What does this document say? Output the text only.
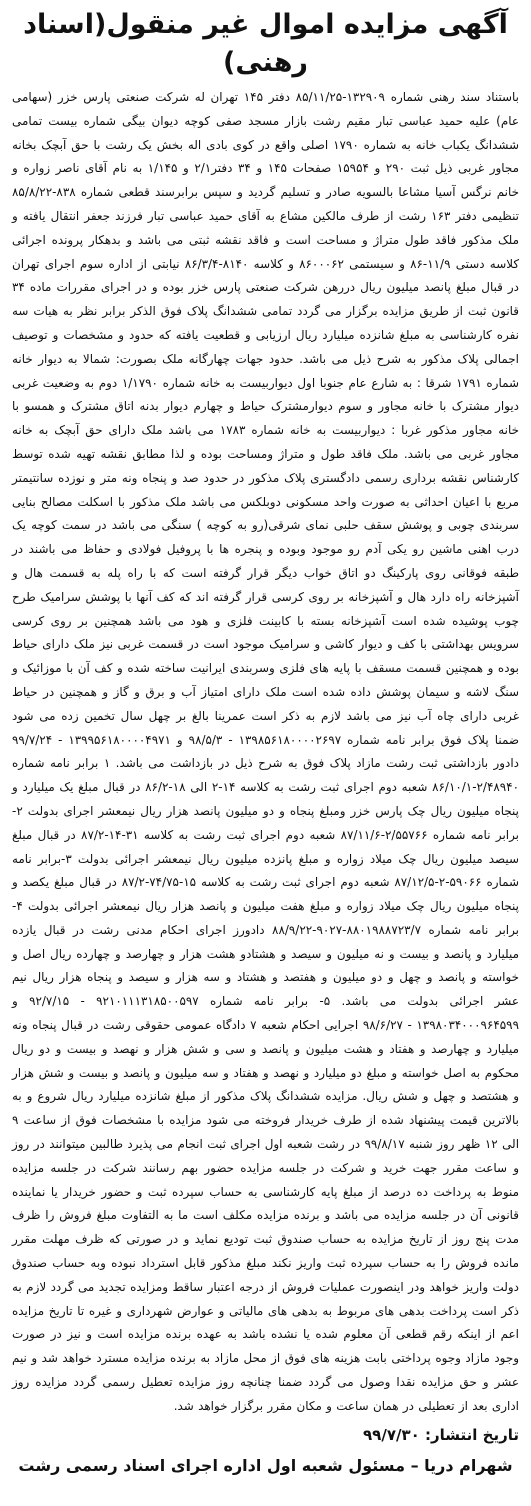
آگهی مزایده اموال غیر منقول(اسناد رهنی)

باستناد سند رهنی شماره ۱۳۲۹۰۹-۸۵/۱۱/۲۵ دفتر ۱۴۵ تهران له شرکت صنعتی پارس خزر (سهامی عام) علیه حمید عباسی تبار مقیم رشت بازار مسجد صفی کوچه دیوان بیگی شماره بیست تمامی ششدانگ یکباب خانه به شماره ۱۷۹۰ اصلی واقع در کوی بادی اله بخش یک رشت با حق آبچک بخانه مجاور غربی ذیل ثبت ۲۹۰ و ۱۵۹۵۴ صفحات ۱۴۵ و ۳۴ دفتر۲/۱ و ۱/۱۴۵ به نام آقای ناصر زواره و خانم نرگس آسیا مشاعا بالسویه صادر و تسلیم گردید و سپس برابرسند قطعی شماره ۸۳۸-۸۵/۸/۲۲ تنظیمی دفتر ۱۶۳ رشت از طرف مالکین مشاع به آقای حمید عباسی تبار فرزند جعفر انتقال یافته و ملک مذکور فاقد طول متراژ و مساحت است و فاقد نقشه ثبتی می باشد و بدهکار پرونده اجرائی کلاسه دستی ۱۱/۹-۸۶ و سیستمی ۸۶۰۰۰۶۲ و کلاسه ۸۱۴۰-۸۶/۳/۴ نیابتی از اداره سوم اجرای تهران در قبال مبلغ پانصد میلیون ریال دررهن شرکت صنعتی پارس خزر بوده و در اجرای مقررات ماده ۳۴ قانون ثبت از طریق مزایده برگزار می گردد تمامی ششدانگ پلاک فوق الذکر برابر نظر به هیات سه نفره کارشناسی به مبلغ شانزده میلیارد ریال ارزیابی و قطعیت یافته که حدود و مشخصات و توصیف اجمالی پلاک مذکور به شرح ذیل می باشد. حدود جهات چهارگانه ملک بصورت: شمالا به دیوار خانه شماره ۱۷۹۱ شرقا : به شارع عام جنوبا اول دیواربیست به خانه شماره ۱/۱۷۹۰ دوم به وضعیت غربی دیوار مشترک با خانه مجاور و سوم دیوارمشترک حیاط و چهارم دیوار بدنه اتاق مشترک و همسو با خانه مجاور مذکور غربا : دیواربیست به خانه شماره ۱۷۸۳ می باشد ملک دارای حق آبچک به خانه مجاور غربی می باشد. ملک فاقد طول و متراژ ومساحت بوده و لذا مطابق نقشه تهیه شده توسط کارشناس نقشه برداری رسمی دادگستری پلاک مذکور در حدود صد و پنجاه ونه متر و نوزده سانتیمتر مربع با اعیان احداثی به صورت واحد مسکونی دوبلکس می باشد ملک مذکور با اسکلت مصالح بنایی سربندی چوبی و پوشش سقف حلبی نمای شرقی(رو به کوچه ) سنگی می باشد در سمت کوچه یک درب اهنی ماشین رو یکی آدم رو موجود وبوده و پنجره ها با پروفیل فولادی و حفاظ می باشند در طبقه فوقانی روی پارکینگ دو اتاق خواب دیگر قرار گرفته است که با راه پله به قسمت هال و آشپزخانه راه دارد هال و آشپزخانه بر روی کرسی قرار گرفته اند که کف آنها با پوشش سرامیک طرح چوب پوشیده شده است آشپزخانه بسته با کابینت فلزی و هود می باشد همچنین بر روی کرسی سرویس بهداشتی با کف و دیوار کاشی و سرامیک موجود است در قسمت غربی نیز ملک دارای حیاط بوده و همچنین قسمت مسقف با پایه های فلزی وسربندی ایرانیت ساخته شده و کف آن با موزائیک و سنگ لاشه و سیمان پوشش داده شده است ملک دارای امتیاز آب و برق و گاز و همچنین در حیاط غربی دارای چاه آب نیز می باشد لازم به ذکر است عمرینا بالغ بر چهل سال تخمین زده می شود ضمنا پلاک فوق برابر نامه شماره ۱۳۹۸۵۶۱۸۰۰۰۰۲۶۹۷ - ۹۸/۵/۳ و ۱۳۹۹۵۶۱۸۰۰۰۰۴۹۷۱ - ۹۹/۷/۲۴ دادور بازداشتی ثبت رشت مازاد پلاک فوق به شرح ذیل در بازداشت می باشد. ۱ برابر نامه شماره ۲/۴۸۹۴۰-۸۶/۱۰/۱ شعبه دوم اجرای ثبت رشت به کلاسه ۱۴-۲ الی ۱۸-۸۶/۲ در قبال مبلغ یک میلیارد و پنجاه میلیون ریال چک پارس خزر ومبلغ پنجاه و دو میلیون پانصد هزار ریال نیمعشر اجرای بدولت ۲- برابر نامه شماره ۲/۵۵۷۶۶-۸۷/۱۱/۶ شعبه دوم اجرای ثبت رشت به کلاسه ۳۱-۱۴-۸۷/۲ در قبال مبلغ سیصد میلیون ریال چک میلاد زواره و مبلغ پانزده میلیون ریال نیمعشر اجرائی بدولت ۳-برابر نامه شماره ۵۹۰۶۶-۲-۸۷/۱۲/۵ شعبه دوم اجرای ثبت رشت به کلاسه ۱۵-۷۴/۷۵-۸۷/۲ در قبال مبلغ یکصد و پنجاه میلیون ریال چک میلاد زواره و مبلغ هفت میلیون و پانصد هزار ریال نیمعشر اجرائی بدولت ۴- برابر نامه شماره ۸۸۰۱۹۸۸۷۲۳/۷-۹۰۲۷-۸۸/۹/۲۲ دادورز اجرای احکام مدنی رشت در قبال یازده میلیارد و پانصد و بیست و نه میلیون و سیصد و هشتادو هشت هزار و چهارصد و چهارده ریال اصل و خواسته و پانصد و چهل و دو میلیون و هفتصد و هشتاد و سه هزار و سیصد و پنجاه هزار ریال نیم عشر اجرائی بدولت می باشد. ۵- برابر نامه شماره ۹۲۱۰۱۱۱۳۱۸۵۰۰۵۹۷ - ۹۲/۷/۱۵ و ۱۳۹۸۰۳۴۰۰۰۹۶۴۵۹۹ - ۹۸/۶/۲۷ اجرایی احکام شعبه ۷ دادگاه عمومی حقوقی رشت در قبال پنجاه ونه میلیارد و چهارصد و هفتاد و هشت میلیون و پانصد و سی و شش هزار و نهصد و بیست و دو ریال محکوم به اصل خواسته و مبلغ دو میلیارد و نهصد و هفتاد و سه میلیون و پانصد و بیست و شش هزار و هشتصد و چهل و شش ریال. مزایده ششدانگ پلاک مذکور از مبلغ شانزده میلیارد ریال شروع و به بالاترین قیمت پیشنهاد شده از طرف خریدار فروخته می شود مزایده با مشخصات فوق از ساعت ۹ الی ۱۲ ظهر روز شنبه ۹۹/۸/۱۷ در رشت شعبه اول اجرای ثبت انجام می پذیرد طالبین میتوانند در روز و ساعت مقرر جهت خرید و شرکت در جلسه مزایده حضور بهم رسانند شرکت در جلسه مزایده منوط به پرداخت ده درصد از مبلغ پایه کارشناسی به حساب سپرده ثبت و حضور خریدار یا نماینده قانونی آن در جلسه مزایده می باشد و برنده مزایده مکلف است ما به التفاوت مبلغ فروش را ظرف مدت پنج روز از تاریخ مزایده به حساب صندوق ثبت تودیع نماید و در صورتی که ظرف مهلت مقرر مانده فروش را به حساب سپرده ثبت واریز نکند مبلغ مذکور قابل استرداد نبوده وبه حساب صندوق دولت واریز خواهد ودر اینصورت عملیات فروش از درجه اعتبار ساقط ومزایده تجدید می گردد لازم به ذکر است پرداخت بدهی های مربوط به بدهی های مالیاتی و عوارض شهرداری و غیره تا تاریخ مزایده اعم از اینکه رقم قطعی آن معلوم شده یا نشده باشد به عهده برنده مزایده است و نیز در صورت وجود مازاد وجوه پرداختی بابت هزینه های فوق از محل مازاد به برنده مزایده مسترد خواهد شد و نیم عشر و حق مزایده نقدا وصول می گردد ضمنا چنانچه روز مزایده تعطیل رسمی گردد مزایده روز اداری بعد از تعطیلی در همان ساعت و مکان مقرر برگزار خواهد شد.

تاریخ انتشار: ۹۹/۷/۳۰
شهرام دریا – مسئول شعبه اول اداره اجرای اسناد رسمی رشت
